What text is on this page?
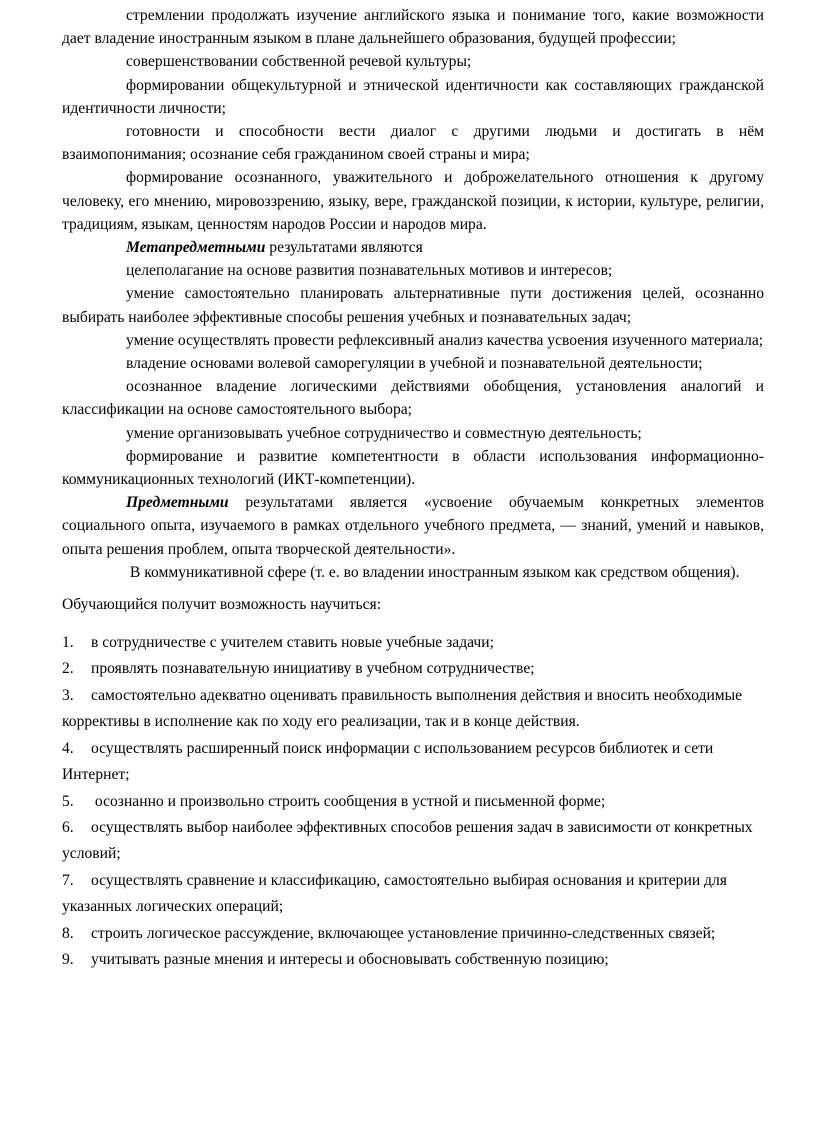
стремлении продолжать изучение английского языка и понимание того, какие возможности дает владение иностранным языком в плане дальнейшего образования, будущей профессии;

совершенствовании собственной речевой культуры;

формировании общекультурной и этнической идентичности как составляющих гражданской идентичности личности;

готовности и способности вести диалог с другими людьми и достигать в нём взаимопонимания; осознание себя гражданином своей страны и мира;

формирование осознанного, уважительного и доброжелательного отношения к другому человеку, его мнению, мировоззрению, языку, вере, гражданской позиции, к истории, культуре, религии, традициям, языкам, ценностям народов России и народов мира.

Метапредметными результатами являются

целеполагание на основе развития познавательных мотивов и интересов;

умение самостоятельно планировать альтернативные пути достижения целей, осознанно выбирать наиболее эффективные способы решения учебных и познавательных задач;

умение осуществлять провести рефлексивный анализ качества усвоения изученного материала;

владение основами волевой саморегуляции в учебной и познавательной деятельности;

осознанное владение логическими действиями обобщения, установления аналогий и классификации на основе самостоятельного выбора;

умение организовывать учебное сотрудничество и совместную деятельность;

формирование и развитие компетентности в области использования информационно-коммуникационных технологий (ИКТ-компетенции).

Предметными результатами является «усвоение обучаемым конкретных элементов социального опыта, изучаемого в рамках отдельного учебного предмета, — знаний, умений и навыков, опыта решения проблем, опыта творческой деятельности».

В коммуникативной сфере (т. е. во владении иностранным языком как средством общения).

Обучающийся получит возможность научиться:

1. в сотрудничестве с учителем ставить новые учебные задачи;
2. проявлять познавательную инициативу в учебном сотрудничестве;
3. самостоятельно адекватно оценивать правильность выполнения действия и вносить необходимые коррективы в исполнение как по ходу его реализации, так и в конце действия.
4. осуществлять расширенный поиск информации с использованием ресурсов библиотек и сети Интернет;
5. осознанно и произвольно строить сообщения в устной и письменной форме;
6. осуществлять выбор наиболее эффективных способов решения задач в зависимости от конкретных условий;
7. осуществлять сравнение и классификацию, самостоятельно выбирая основания и критерии для указанных логических операций;
8. строить логическое рассуждение, включающее установление причинно-следственных связей;
9. учитывать разные мнения и интересы и обосновывать собственную позицию;
